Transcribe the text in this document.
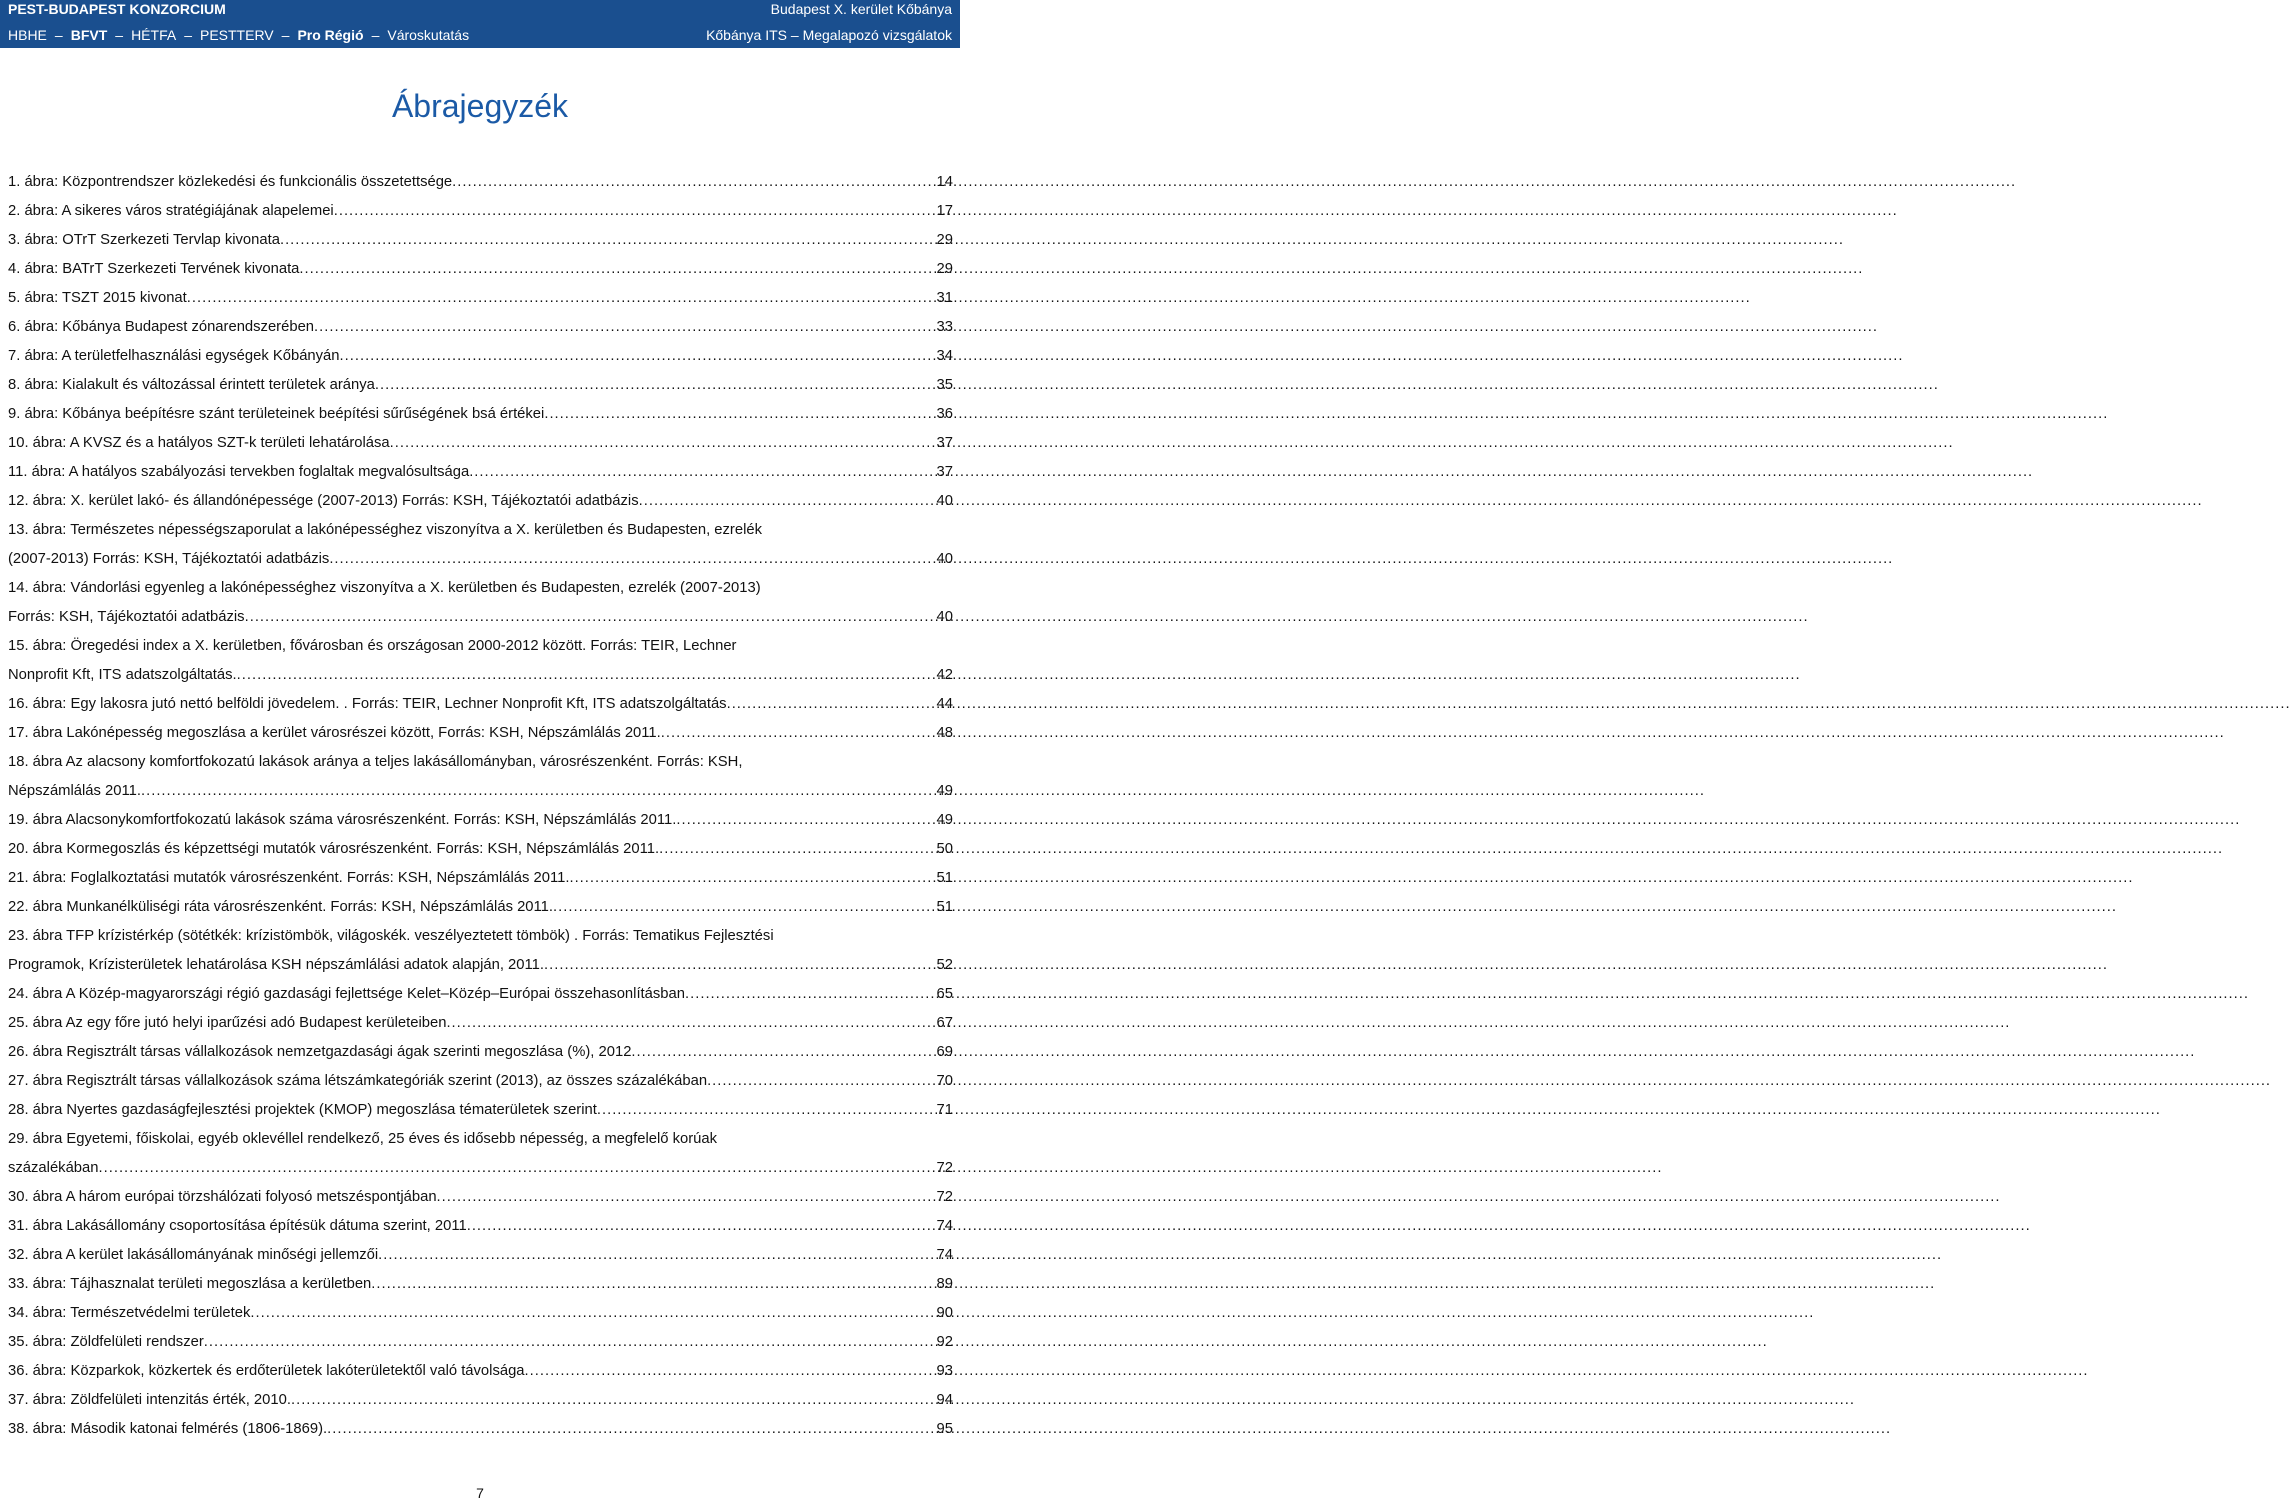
PEST-BUDAPEST KONZORCIUM
HBHE – BFVT – HÉTFA – PESTTERV – Pro Régió – Városkutatás
Budapest X. kerület Kőbánya
Kőbánya ITS – Megalapozó vizsgálatok
Ábrajegyzék
1. ábra: Központrendszer közlekedési és funkcionális összetettsége .....	14
2. ábra: A sikeres város stratégiájának alapelemei .....	17
3. ábra: OTrT Szerkezeti Tervlap kivonata .....	29
4. ábra: BATrT Szerkezeti Tervének kivonata .....	29
5. ábra: TSZT 2015 kivonat .....	31
6. ábra: Kőbánya Budapest zónarendszerében .....	33
7. ábra: A területfelhasználási egységek Kőbányán .....	34
8. ábra: Kialakult és változással érintett területek aránya .....	35
9. ábra: Kőbánya beépítésre szánt területeinek beépítési sűrűségének bsá értékei .....	36
10. ábra: A KVSZ és a hatályos SZT-k területi lehatárolása .....	37
11. ábra: A hatályos szabályozási tervekben foglaltak megvalósultsága .....	37
12. ábra: X. kerület lakó- és állandónépessége (2007-2013) Forrás: KSH, Tájékoztatói adatbázis .....	40
13. ábra: Természetes népességszaporulat a lakónépességhez viszonyítva a X. kerületben és Budapesten, ezrelék
(2007-2013) Forrás: KSH, Tájékoztatói adatbázis .....	40
14. ábra: Vándorlási egyenleg a lakónépességhez viszonyítva a X. kerületben és Budapesten, ezrelék (2007-2013)
Forrás: KSH, Tájékoztatói adatbázis .....	40
15. ábra: Öregedési index a X. kerületben, fővárosban és országosan 2000-2012 között. Forrás: TEIR, Lechner
Nonprofit Kft, ITS adatszolgáltatás. .....	42
16. ábra: Egy lakosra jutó nettó belföldi jövedelem. . Forrás: TEIR, Lechner Nonprofit Kft, ITS adatszolgáltatás .....	44
17. ábra Lakónépesség megoszlása a kerület városrészei között, Forrás: KSH, Népszámlálás 2011. .....	48
18. ábra Az alacsony komfortfokozatú lakások aránya a teljes lakásállományban, városrészenként. Forrás: KSH,
Népszámlálás 2011. .....	49
19. ábra Alacsonykomfortfokozatú lakások száma városrészenként. Forrás: KSH, Népszámlálás 2011. .....	49
20. ábra Kormegoszlás és képzettségi mutatók városrészenként. Forrás: KSH, Népszámlálás 2011. .....	50
21. ábra: Foglalkoztatási mutatók városrészenként. Forrás: KSH, Népszámlálás 2011. .....	51
22. ábra Munkanélküliségi ráta városrészenként. Forrás: KSH, Népszámlálás 2011. .....	51
23. ábra TFP krízistérkép (sötétkék: krízistömbök, világoskék. veszélyeztetett tömbök) . Forrás: Tematikus Fejlesztési
Programok, Krízisterületek lehatárolása KSH népszámlálási adatok alapján, 2011. .....	52
24. ábra A Közép-magyarországi régió gazdasági fejlettsége Kelet–Közép–Európai összehasonlításban .....	65
25. ábra Az egy főre jutó helyi iparűzési adó Budapest kerületeiben .....	67
26. ábra Regisztrált társas vállalkozások nemzetgazdasági ágak szerinti megoszlása (%), 2012 .....	69
27. ábra Regisztrált társas vállalkozások száma létszámkategóriák szerint (2013), az összes százalékában .....	70
28. ábra Nyertes gazdaságfejlesztési projektek (KMOP) megoszlása tématerületek szerint .....	71
29. ábra Egyetemi, főiskolai, egyéb oklevéllel rendelkező, 25 éves és idősebb népesség, a megfelelő korúak
százalékában .....	72
30. ábra A három európai törzshálózati folyosó metszéspontjában .....	72
31. ábra Lakásállomány csoportosítása építésük dátuma szerint, 2011 .....	74
32. ábra A kerület lakásállományának minőségi jellemzői .....	74
33. ábra: Tájhasznalat területi megoszlása a kerületben .....	89
34. ábra: Természetvédelmi területek .....	90
35. ábra: Zöldfelületi rendszer .....	92
36. ábra: Közparkok, közkertek és erdőterületek lakóterületektől való távolsága .....	93
37. ábra: Zöldfelületi intenzitás érték, 2010. .....	94
38. ábra: Második katonai felmérés (1806-1869). .....	95
7
